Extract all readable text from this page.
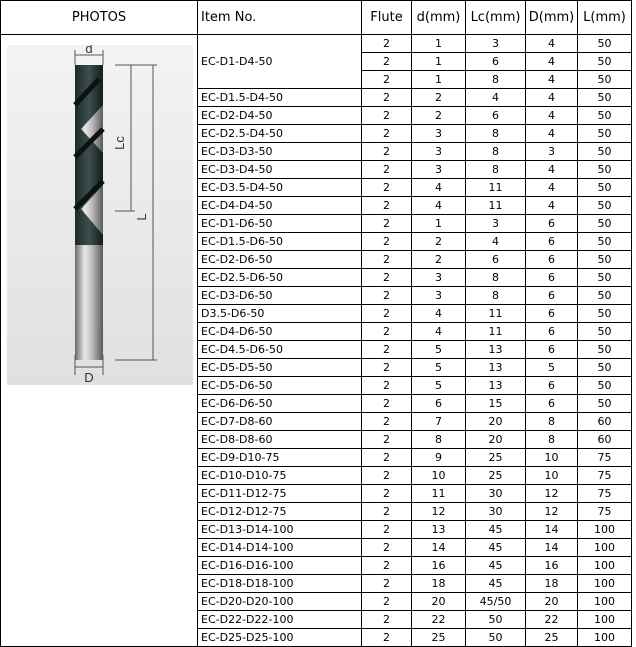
PHOTOS	Item No.	Flute	d(mm)	Lc(mm)	D(mm)	L(mm)

d
Lc
L
D	EC-D1-D4-50	2	1	3	4	50
		2	1	6	4	50
		2	1	8	4	50
	EC-D1.5-D4-50	2	2	4	4	50
	EC-D2-D4-50	2	2	6	4	50
	EC-D2.5-D4-50	2	3	8	4	50
	EC-D3-D3-50	2	3	8	3	50
	EC-D3-D4-50	2	3	8	4	50
	EC-D3.5-D4-50	2	4	11	4	50
	EC-D4-D4-50	2	4	11	4	50
	EC-D1-D6-50	2	1	3	6	50
	EC-D1.5-D6-50	2	2	4	6	50
	EC-D2-D6-50	2	2	6	6	50
	EC-D2.5-D6-50	2	3	8	6	50
	EC-D3-D6-50	2	3	8	6	50
	D3.5-D6-50	2	4	11	6	50
	EC-D4-D6-50	2	4	11	6	50
	EC-D4.5-D6-50	2	5	13	6	50
	EC-D5-D5-50	2	5	13	5	50
	EC-D5-D6-50	2	5	13	6	50
	EC-D6-D6-50	2	6	15	6	50
	EC-D7-D8-60	2	7	20	8	60
	EC-D8-D8-60	2	8	20	8	60
	EC-D9-D10-75	2	9	25	10	75
	EC-D10-D10-75	2	10	25	10	75
	EC-D11-D12-75	2	11	30	12	75
	EC-D12-D12-75	2	12	30	12	75
	EC-D13-D14-100	2	13	45	14	100
	EC-D14-D14-100	2	14	45	14	100
	EC-D16-D16-100	2	16	45	16	100
	EC-D18-D18-100	2	18	45	18	100
	EC-D20-D20-100	2	20	45/50	20	100
	EC-D22-D22-100	2	22	50	22	100
	EC-D25-D25-100	2	25	50	25	100
